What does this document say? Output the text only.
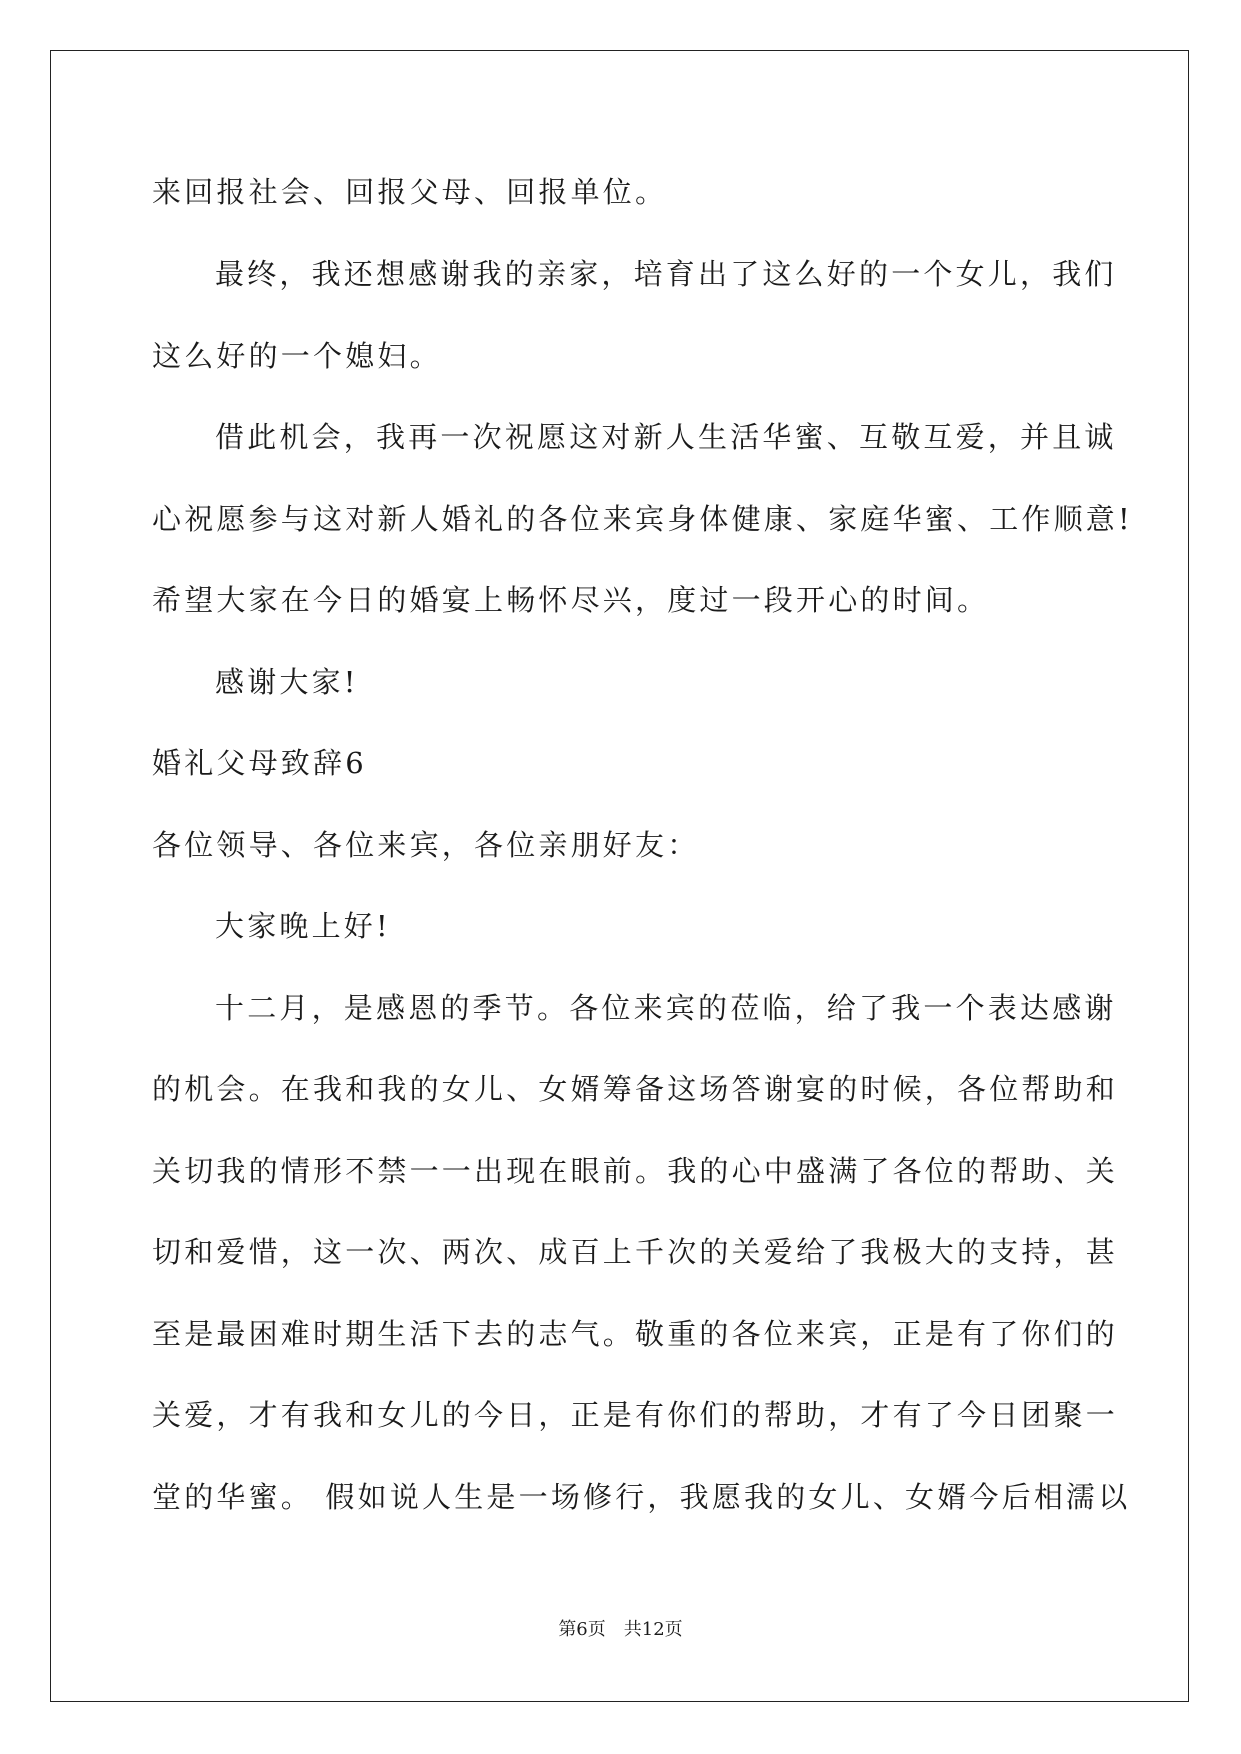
来回报社会、回报父母、回报单位。
最终，我还想感谢我的亲家，培育出了这么好的一个女儿，我们
这么好的一个媳妇。
借此机会，我再一次祝愿这对新人生活华蜜、互敬互爱，并且诚
心祝愿参与这对新人婚礼的各位来宾身体健康、家庭华蜜、工作顺意!
希望大家在今日的婚宴上畅怀尽兴，度过一段开心的时间。
感谢大家!
婚礼父母致辞6
各位领导、各位来宾，各位亲朋好友：
大家晚上好!
十二月，是感恩的季节。各位来宾的莅临，给了我一个表达感谢
的机会。在我和我的女儿、女婿筹备这场答谢宴的时候，各位帮助和
关切我的情形不禁一一出现在眼前。我的心中盛满了各位的帮助、关
切和爱惜，这一次、两次、成百上千次的关爱给了我极大的支持，甚
至是最困难时期生活下去的志气。敬重的各位来宾，正是有了你们的
关爱，才有我和女儿的今日，正是有你们的帮助，才有了今日团聚一
堂的华蜜。 假如说人生是一场修行，我愿我的女儿、女婿今后相濡以
第6页　共12页
